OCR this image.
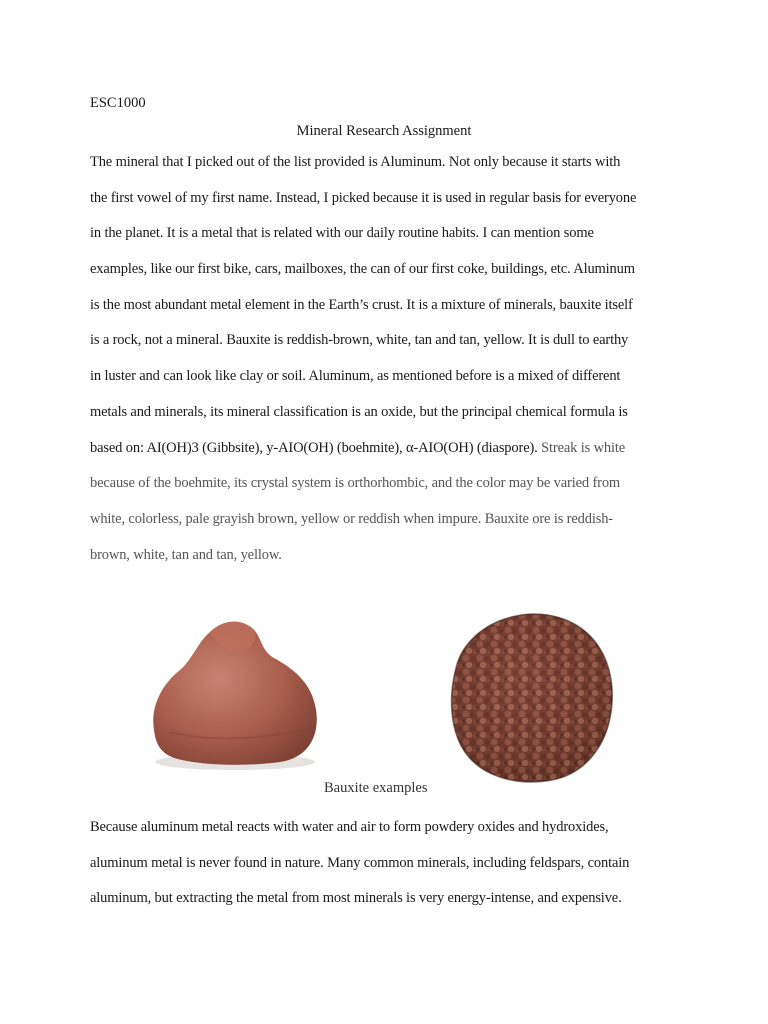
ESC1000
Mineral Research Assignment
The mineral that I picked out of the list provided is Aluminum. Not only because it starts with
the first vowel of my first name. Instead, I picked because it is used in regular basis for everyone
in the planet. It is a metal that is related with our daily routine habits. I can mention some
examples, like our first bike, cars, mailboxes, the can of our first coke, buildings, etc. Aluminum
is the most abundant metal element in the Earth’s crust. It is a mixture of minerals, bauxite itself
is a rock, not a mineral. Bauxite is reddish-brown, white, tan and tan, yellow. It is dull to earthy
in luster and can look like clay or soil. Aluminum, as mentioned before is a mixed of different
metals and minerals, its mineral classification is an oxide, but the principal chemical formula is
based on: AI(OH)3 (Gibbsite), y-AIO(OH) (boehmite), α-AIO(OH) (diaspore). Streak is white
because of the boehmite, its crystal system is orthorhombic, and the color may be varied from
white, colorless, pale grayish brown, yellow or reddish when impure. Bauxite ore is reddish-
brown, white, tan and tan, yellow.
Bauxite examples
Because aluminum metal reacts with water and air to form powdery oxides and hydroxides,
aluminum metal is never found in nature. Many common minerals, including feldspars, contain
aluminum, but extracting the metal from most minerals is very energy-intense, and expensive.
